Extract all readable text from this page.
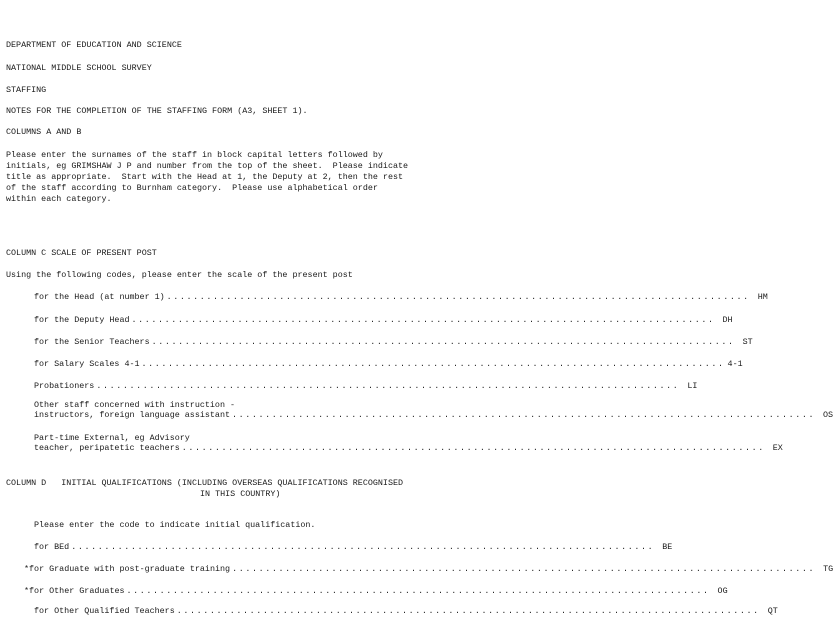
DEPARTMENT OF EDUCATION AND SCIENCE
NATIONAL MIDDLE SCHOOL SURVEY
STAFFING
NOTES FOR THE COMPLETION OF THE STAFFING FORM (A3, SHEET 1).
COLUMNS A AND B
Please enter the surnames of the staff in block capital letters followed by
initials, eg GRIMSHAW J P and number from the top of the sheet.  Please indicate
title as appropriate.  Start with the Head at 1, the Deputy at 2, then the rest
of the staff according to Burnham category.  Please use alphabetical order
within each category.
COLUMN C SCALE OF PRESENT POST
Using the following codes, please enter the scale of the present post
for the Head (at number 1) ........................................................................................ HM
for the Deputy Head ........................................................................................ DH
for the Senior Teachers ........................................................................................ ST
for Salary Scales 4-1 ........................................................................................ 4-1
Probationers ........................................................................................ LI
Other staff concerned with instruction -
instructors, foreign language assistant ........................................................................................ OS
Part-time External, eg Advisory
teacher, peripatetic teachers ........................................................................................ EX
COLUMN D   INITIAL QUALIFICATIONS (INCLUDING OVERSEAS QUALIFICATIONS RECOGNISED
IN THIS COUNTRY)
Please enter the code to indicate initial qualification.
for BEd ........................................................................................ BE
*for Graduate with post-graduate training ........................................................................................ TG
*for Other Graduates ........................................................................................ OG
for Other Qualified Teachers ........................................................................................ QT
